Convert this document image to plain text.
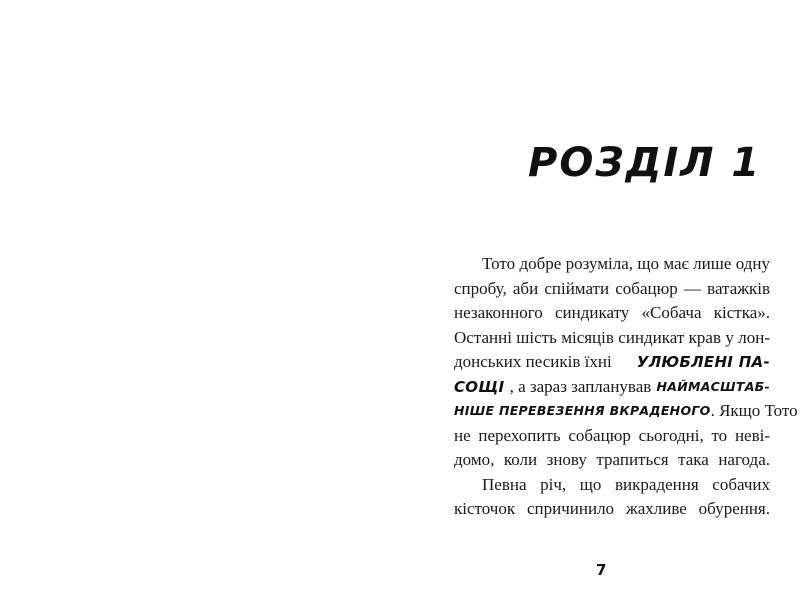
РОЗДІЛ 1
Тото добре розуміла, що має лише одну
спробу, аби спіймати собацюр — ватажків
незаконного синдикату «Собача кістка».
Останні шість місяців синдикат крав у лон-
донських песиків їхні УЛЮБЛЕНІ ПА-
СОЩІ , а зараз запланував НАЙМАСШТАБ-
НІШЕ ПЕРЕВЕЗЕННЯ ВКРАДЕНОГО . Якщо Тото
не перехопить собацюр сьогодні, то неві-
домо, коли знову трапиться така нагода.
Певна річ, що викрадення собачих
кісточок спричинило жахливе обурення.
7
